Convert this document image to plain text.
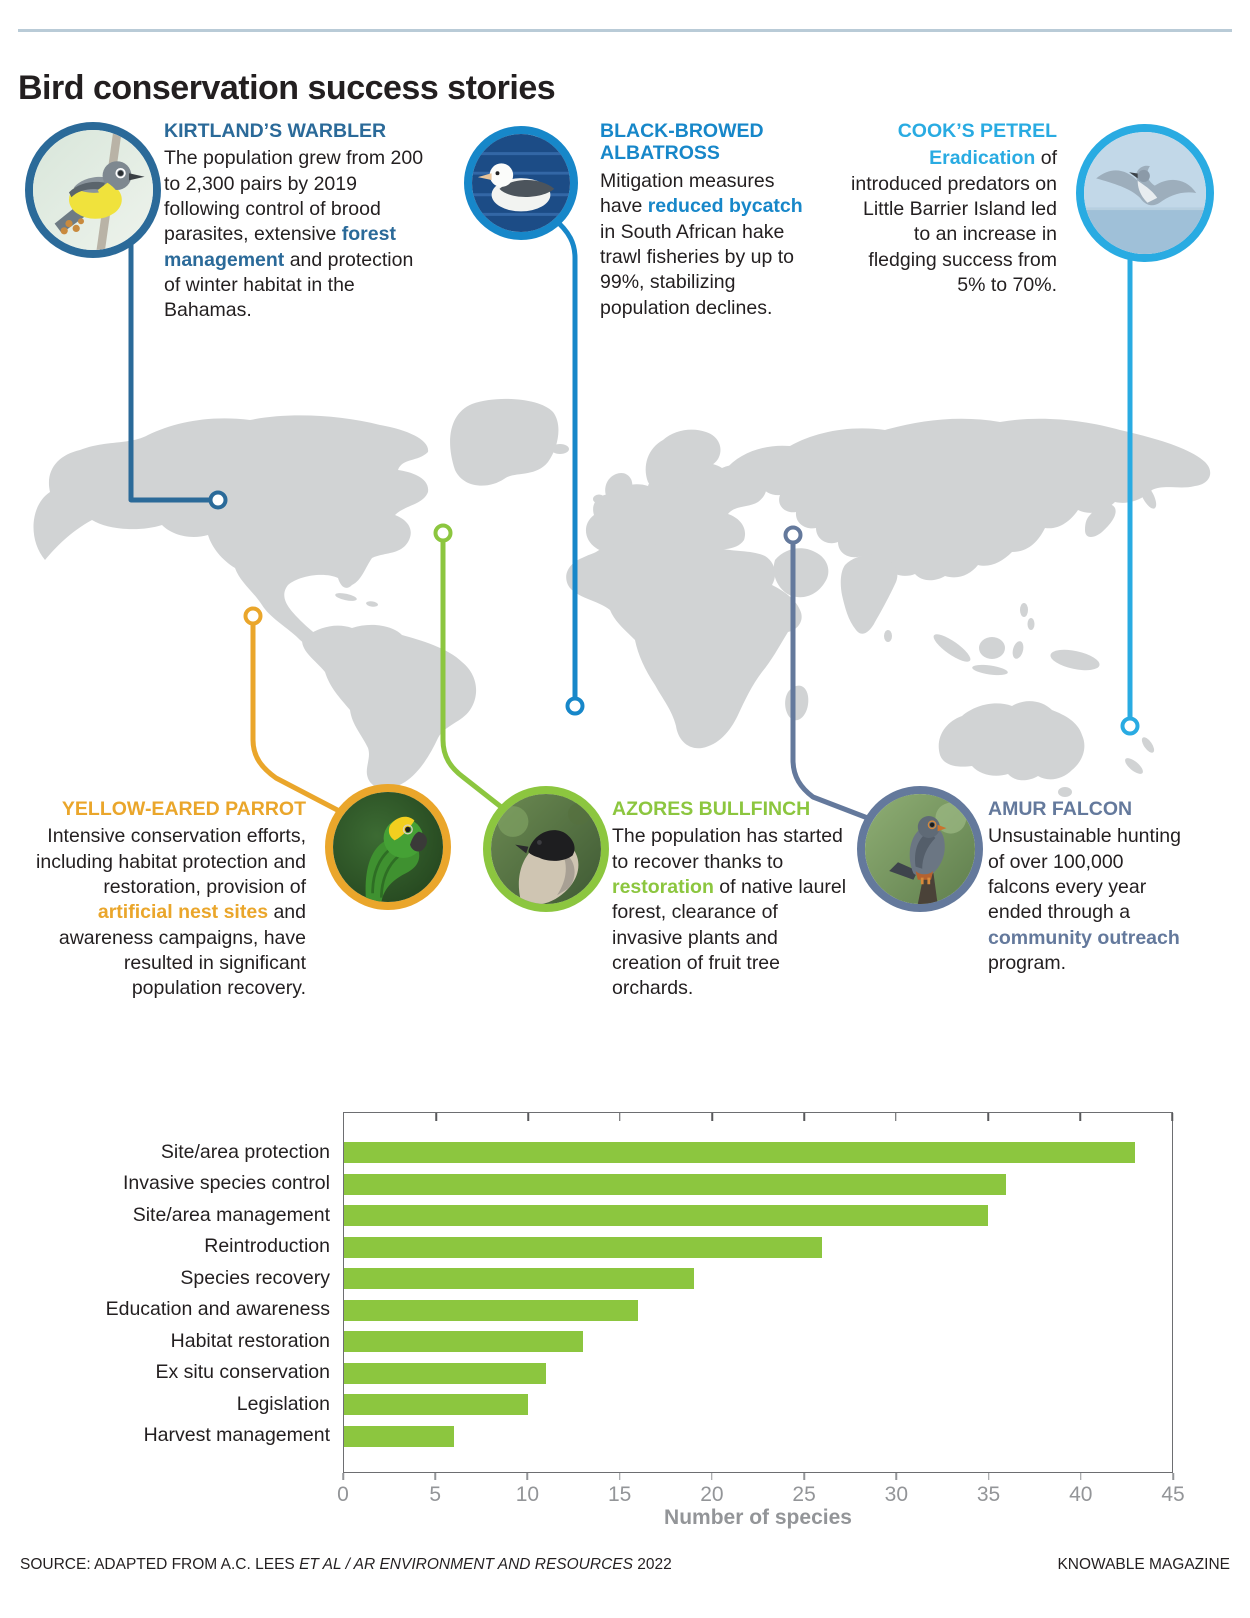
Bird conservation success stories
KIRTLAND’S WARBLER

The population grew from 200 to 2,300 pairs by 2019 following control of brood parasites, extensive forest management and protection of winter habitat in the Bahamas.

BLACK-BROWED ALBATROSS

Mitigation measures have reduced bycatch in South African hake trawl fisheries by up to 99%, stabilizing population declines.

COOK’S PETREL

Eradication of introduced predators on Little Barrier Island led to an increase in fledging success from 5% to 70%.

YELLOW-EARED PARROT

Intensive conservation efforts, including habitat protection and restoration, provision of artificial nest sites and awareness campaigns, have resulted in significant population recovery.

AZORES BULLFINCH

The population has started to recover thanks to restoration of native laurel forest, clearance of invasive plants and creation of fruit tree orchards.

AMUR FALCON

Unsustainable hunting of over 100,000 falcons every year ended through a community outreach program.

Site/area protection
Invasive species control
Site/area management
Reintroduction
Species recovery
Education and awareness
Habitat restoration
Ex situ conservation
Legislation
Harvest management
0	5	10	15	20	25	30	35	40	45
Number of species
SOURCE: ADAPTED FROM A.C. LEES ET AL / AR ENVIRONMENT AND RESOURCES 2022	KNOWABLE MAGAZINE
